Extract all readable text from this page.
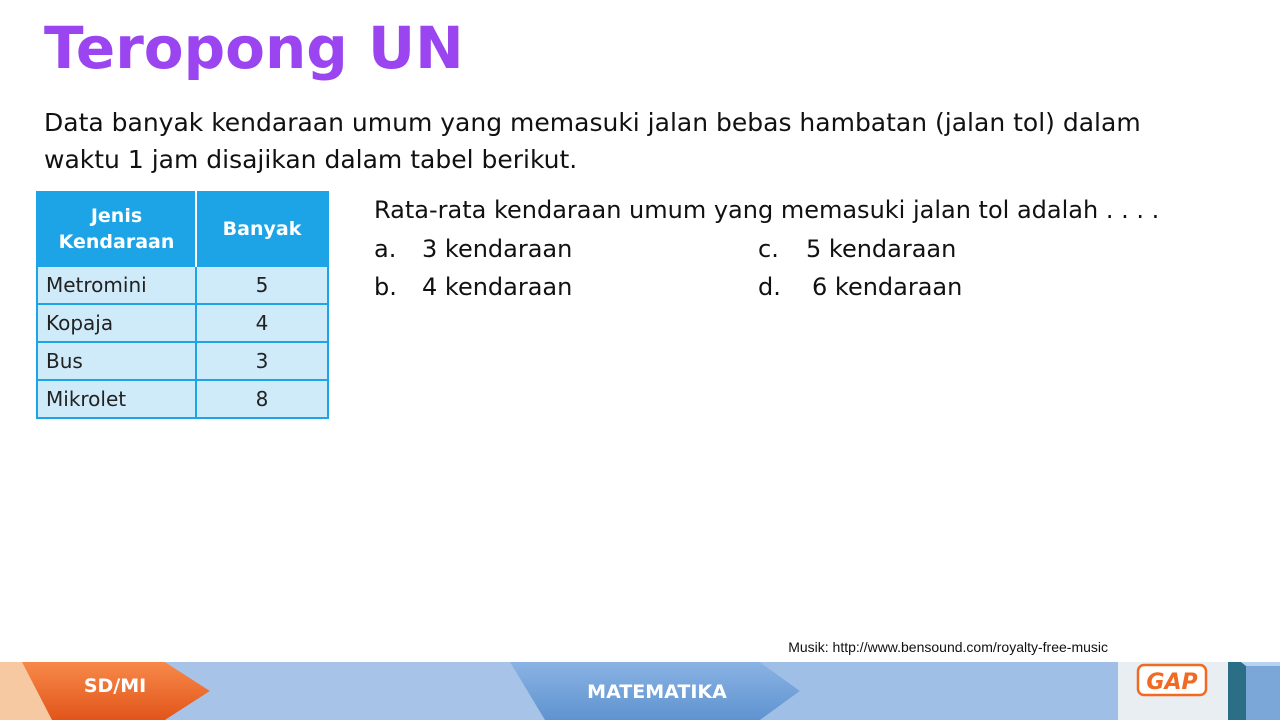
Teropong UN
Data banyak kendaraan umum yang memasuki jalan bebas hambatan (jalan tol) dalam
waktu 1 jam disajikan dalam tabel berikut.
Jenis
Kendaraan	Banyak
Metromini	5
Kopaja	4
Bus	3
Mikrolet	8
Rata-rata kendaraan umum yang memasuki jalan tol adalah . . . .
a. 3 kendaraan
b. 4 kendaraan
c. 5 kendaraan
d. 6 kendaraan
Musik: http://www.bensound.com/royalty-free-music
GAP
SD/MI	MATEMATIKA
